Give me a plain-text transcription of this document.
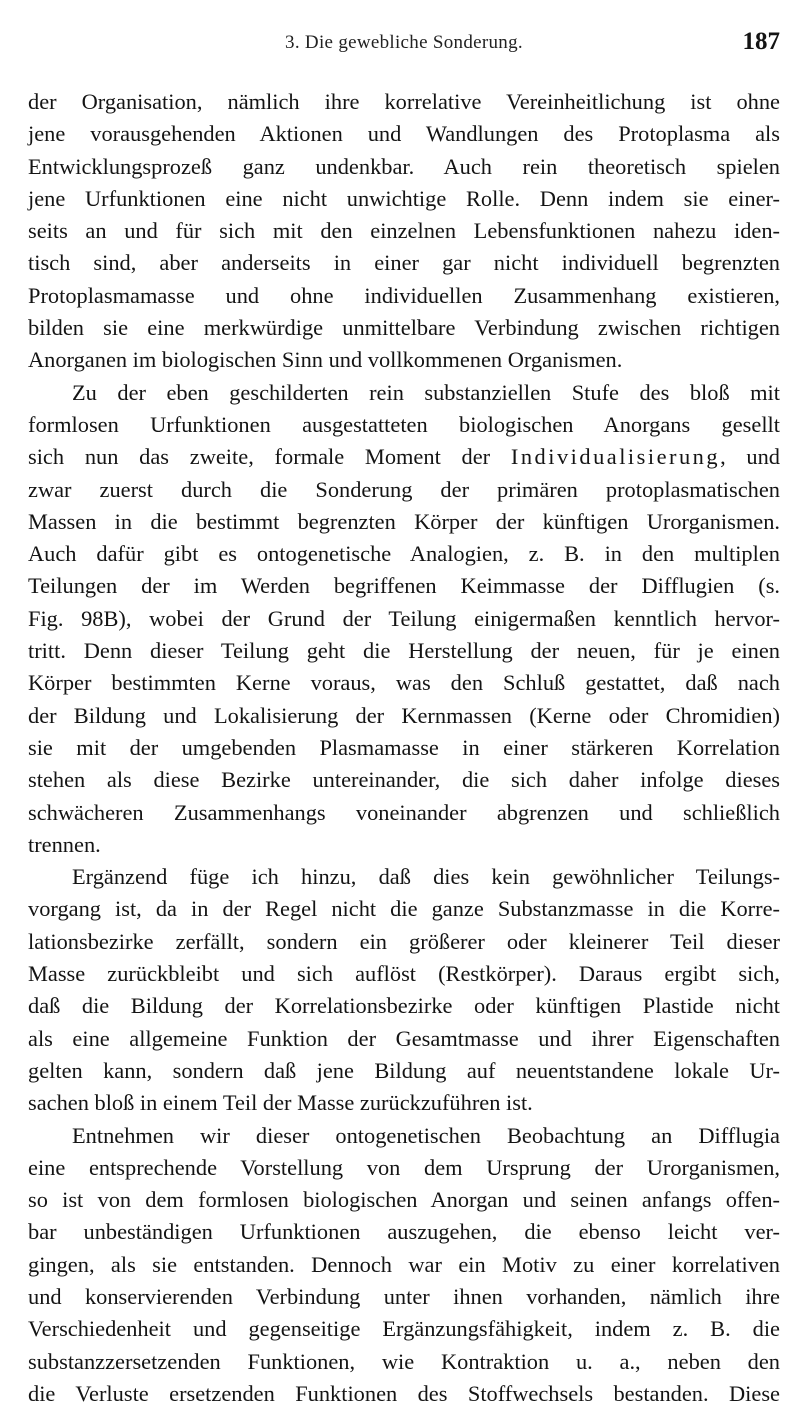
3. Die gewebliche Sonderung.	187

der Organisation, nämlich ihre korrelative Vereinheitlichung ist ohne
jene vorausgehenden Aktionen und Wandlungen des Protoplasma als
Entwicklungsprozeß ganz undenkbar. Auch rein theoretisch spielen
jene Urfunktionen eine nicht unwichtige Rolle. Denn indem sie einer-
seits an und für sich mit den einzelnen Lebensfunktionen nahezu iden-
tisch sind, aber anderseits in einer gar nicht individuell begrenzten
Protoplasmamasse und ohne individuellen Zusammenhang existieren,
bilden sie eine merkwürdige unmittelbare Verbindung zwischen richtigen
Anorganen im biologischen Sinn und vollkommenen Organismen.

Zu der eben geschilderten rein substanziellen Stufe des bloß mit
formlosen Urfunktionen ausgestatteten biologischen Anorgans gesellt
sich nun das zweite, formale Moment der Individualisierung, und
zwar zuerst durch die Sonderung der primären protoplasmatischen
Massen in die bestimmt begrenzten Körper der künftigen Urorganismen.
Auch dafür gibt es ontogenetische Analogien, z. B. in den multiplen
Teilungen der im Werden begriffenen Keimmasse der Difflugien (s.
Fig. 98B), wobei der Grund der Teilung einigermaßen kenntlich hervor-
tritt. Denn dieser Teilung geht die Herstellung der neuen, für je einen
Körper bestimmten Kerne voraus, was den Schluß gestattet, daß nach
der Bildung und Lokalisierung der Kernmassen (Kerne oder Chromidien)
sie mit der umgebenden Plasmamasse in einer stärkeren Korrelation
stehen als diese Bezirke untereinander, die sich daher infolge dieses
schwächeren Zusammenhangs voneinander abgrenzen und schließlich
trennen.

Ergänzend füge ich hinzu, daß dies kein gewöhnlicher Teilungs-
vorgang ist, da in der Regel nicht die ganze Substanzmasse in die Korre-
lationsbezirke zerfällt, sondern ein größerer oder kleinerer Teil dieser
Masse zurückbleibt und sich auflöst (Restkörper). Daraus ergibt sich,
daß die Bildung der Korrelationsbezirke oder künftigen Plastide nicht
als eine allgemeine Funktion der Gesamtmasse und ihrer Eigenschaften
gelten kann, sondern daß jene Bildung auf neuentstandene lokale Ur-
sachen bloß in einem Teil der Masse zurückzuführen ist.

Entnehmen wir dieser ontogenetischen Beobachtung an Difflugia
eine entsprechende Vorstellung von dem Ursprung der Urorganismen,
so ist von dem formlosen biologischen Anorgan und seinen anfangs offen-
bar unbeständigen Urfunktionen auszugehen, die ebenso leicht ver-
gingen, als sie entstanden. Dennoch war ein Motiv zu einer korrelativen
und konservierenden Verbindung unter ihnen vorhanden, nämlich ihre
Verschiedenheit und gegenseitige Ergänzungsfähigkeit, indem z. B. die
substanzzersetzenden Funktionen, wie Kontraktion u. a., neben den
die Verluste ersetzenden Funktionen des Stoffwechsels bestanden. Diese
